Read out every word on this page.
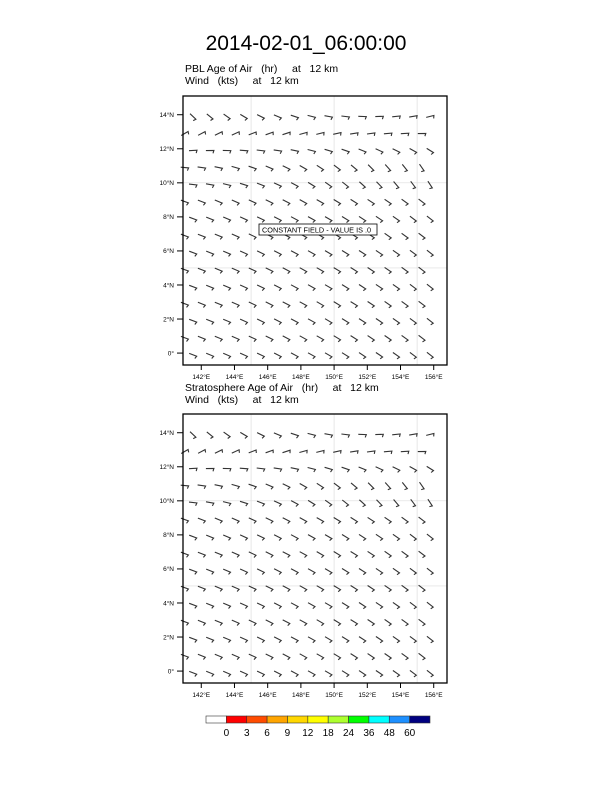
2014-02-01_06:00:00
PBL Age of Air   (hr)     at   12 km
Wind   (kts)     at   12 km
Stratosphere Age of Air   (hr)     at   12 km
Wind   (kts)     at   12 km
142°E 144°E 146°E 148°E 150°E 152°E 154°E 156°E
0°
2°N
4°N
6°N
8°N
10°N
12°N
14°N
CONSTANT FIELD - VALUE IS .0
142°E 144°E 146°E 148°E 150°E 152°E 154°E 156°E
0°
2°N
4°N
6°N
8°N
10°N
12°N
14°N
0 3 6 9 12 18 24 36 48 60
